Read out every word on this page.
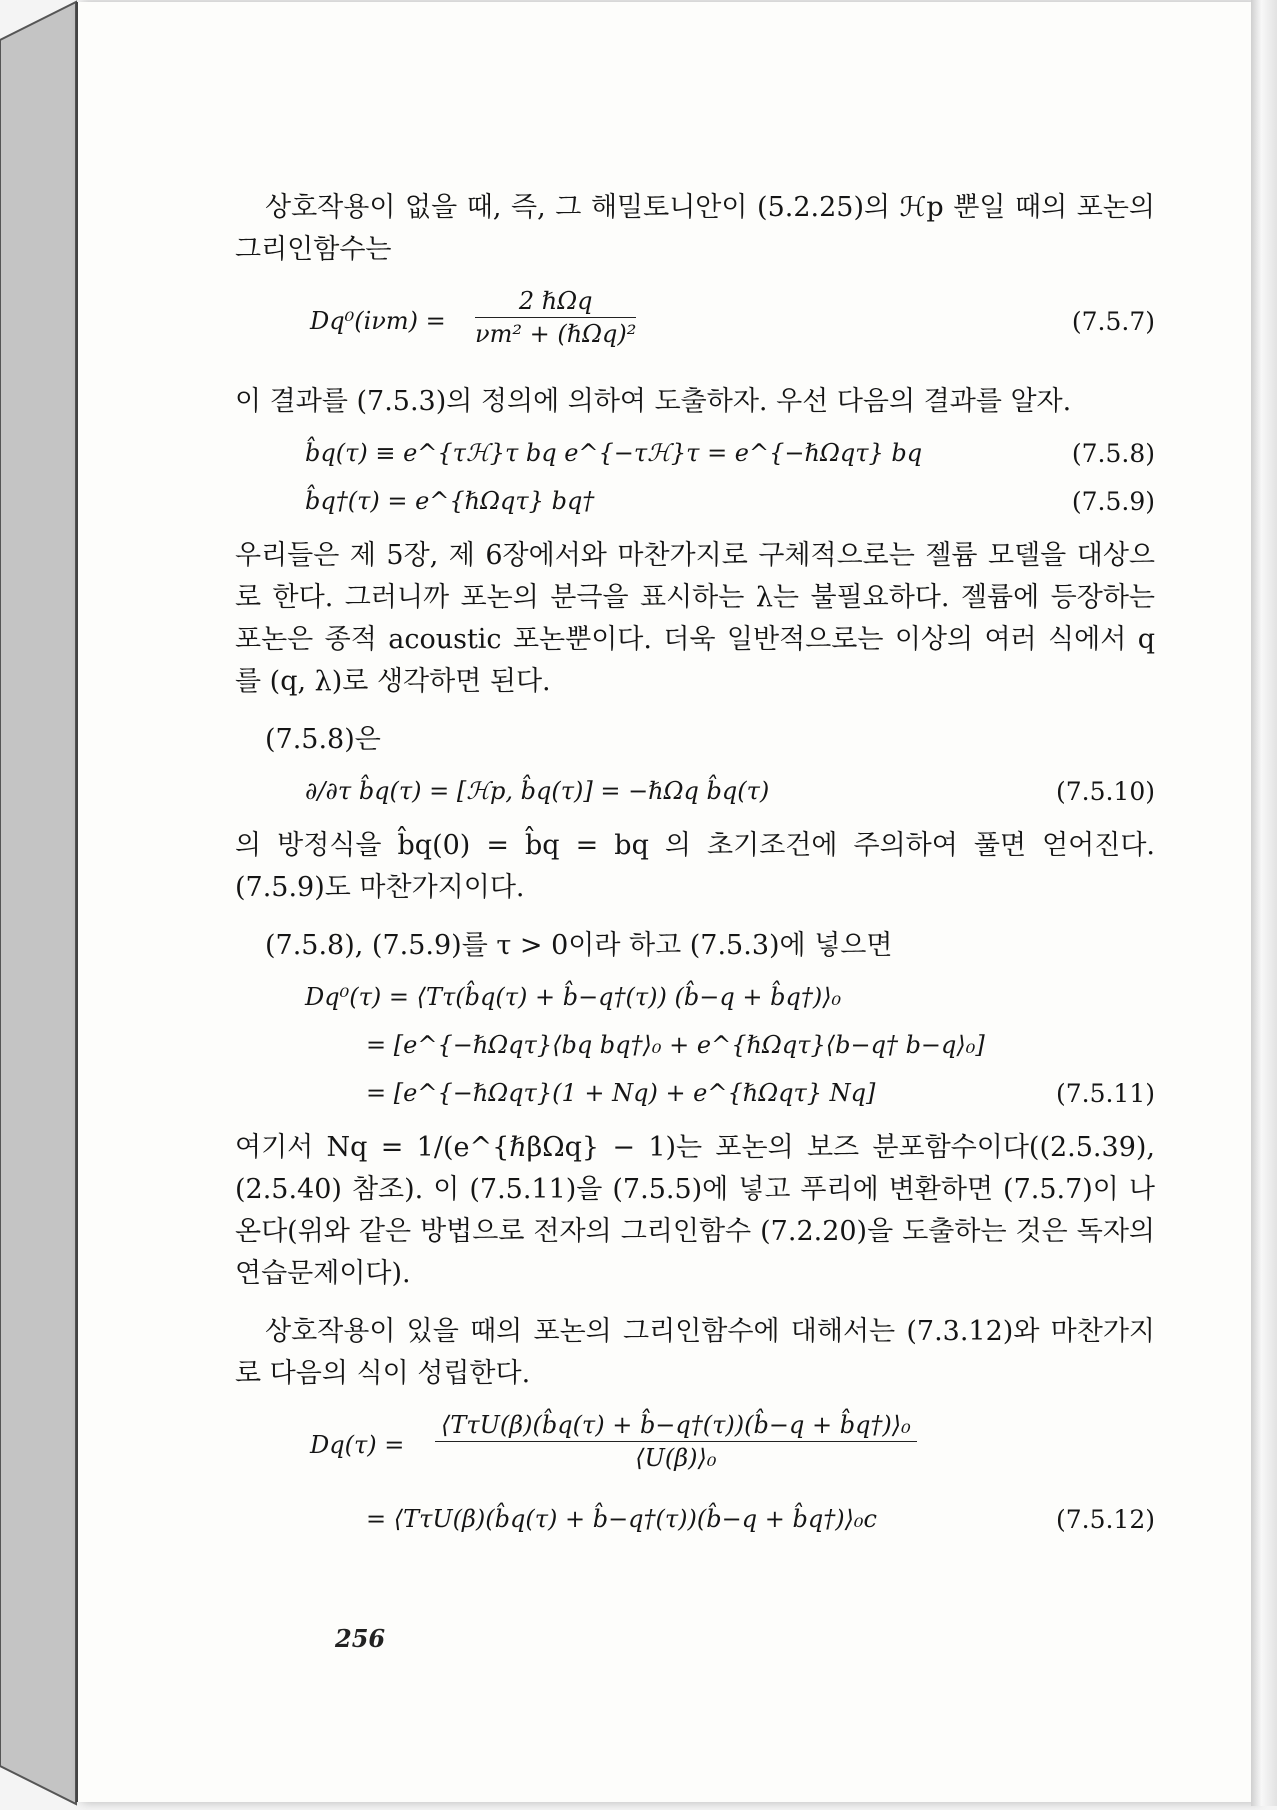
상호작용이 없을 때, 즉, 그 해밀토니안이 (5.2.25)의 ℋp 뿐일 때의 포논의 그리인함수는

Dq⁰(iνm) =
2 ℏΩq
νm² + (ℏΩq)²	(7.5.7)

이 결과를 (7.5.3)의 정의에 의하여 도출하자. 우선 다음의 결과를 알자.

b̂q(τ) ≡ e^{τℋ}τ bq e^{−τℋ}τ = e^{−ℏΩqτ} bq	(7.5.8)
b̂q†(τ) = e^{ℏΩqτ} bq†	(7.5.9)

우리들은 제 5장, 제 6장에서와 마찬가지로 구체적으로는 젤륨 모델을 대상으로 한다. 그러니까 포논의 분극을 표시하는 λ는 불필요하다. 젤륨에 등장하는 포논은 종적 acoustic 포논뿐이다. 더욱 일반적으로는 이상의 여러 식에서 q를 (q, λ)로 생각하면 된다.

(7.5.8)은

∂/∂τ b̂q(τ) = [ℋp, b̂q(τ)] = −ℏΩq b̂q(τ)	(7.5.10)

의 방정식을 b̂q(0) = b̂q = bq 의 초기조건에 주의하여 풀면 얻어진다. (7.5.9)도 마찬가지이다.

(7.5.8), (7.5.9)를 τ > 0이라 하고 (7.5.3)에 넣으면

Dq⁰(τ) = ⟨Tτ(b̂q(τ) + b̂−q†(τ)) (b̂−q + b̂q†)⟩₀
= [e^{−ℏΩqτ}⟨bq bq†⟩₀ + e^{ℏΩqτ}⟨b−q† b−q⟩₀]
= [e^{−ℏΩqτ}(1 + Nq) + e^{ℏΩqτ} Nq]	(7.5.11)

여기서 Nq = 1/(e^{ℏβΩq} − 1)는 포논의 보즈 분포함수이다((2.5.39), (2.5.40) 참조). 이 (7.5.11)을 (7.5.5)에 넣고 푸리에 변환하면 (7.5.7)이 나온다(위와 같은 방법으로 전자의 그리인함수 (7.2.20)을 도출하는 것은 독자의 연습문제이다).

상호작용이 있을 때의 포논의 그리인함수에 대해서는 (7.3.12)와 마찬가지로 다음의 식이 성립한다.

Dq(τ) =
⟨TτU(β)(b̂q(τ) + b̂−q†(τ))(b̂−q + b̂q†)⟩₀
⟨U(β)⟩₀
= ⟨TτU(β)(b̂q(τ) + b̂−q†(τ))(b̂−q + b̂q†)⟩₀c	(7.5.12)
256
